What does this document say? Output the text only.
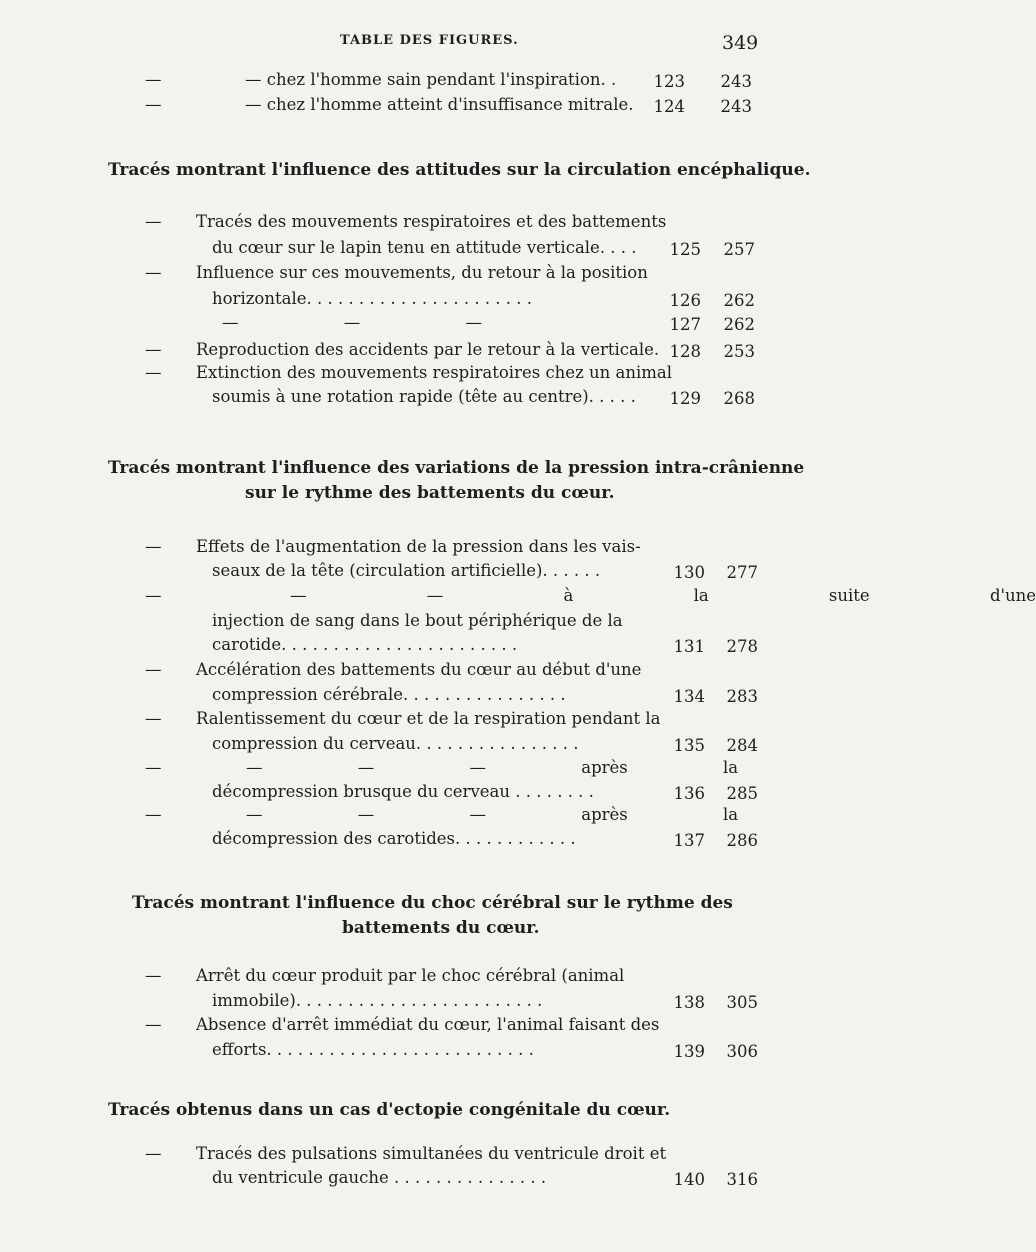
TABLE DES FIGURES.	349
—	— chez l'homme sain pendant l'inspiration. .	123	243
—	— chez l'homme atteint d'insuffisance mitrale.	124	243
Tracés montrant l'influence des attitudes sur la circulation encéphalique.
— Tracés des mouvements respiratoires et des battements
du cœur sur le lapin tenu en attitude verticale. . . .	125	257
— Influence sur ces mouvements, du retour à la position
horizontale. . . . . . . . . . . . . . . . . . . . . .	126	262
— — —	127	262
— Reproduction des accidents par le retour à la verticale. 128	253
— Extinction des mouvements respiratoires chez un animal
soumis à une rotation rapide (tête au centre). . . . .	129	268
Tracés montrant l'influence des variations de la pression intra-crânienne
sur le rythme des battements du cœur.
— Effets de l'augmentation de la pression dans les vais-
seaux de la tête (circulation artificielle). . . . . .	130	277
—	— — à la suite d'une
injection de sang dans le bout périphérique de la
carotide. . . . . . . . . . . . . . . . . . . . . . .	131	278
— Accélération des battements du cœur au début d'une
compression cérébrale. . . . . . . . . . . . . . . .	134	283
— Ralentissement du cœur et de la respiration pendant la
compression du cerveau. . . . . . . . . . . . . . . .	135	284
—	— — — après la
décompression brusque du cerveau . . . . . . . .	136	285
—	— — — après la
décompression des carotides. . . . . . . . . . . .	137	286
Tracés montrant l'influence du choc cérébral sur le rythme des
battements du cœur.
— Arrêt du cœur produit par le choc cérébral (animal
immobile). . . . . . . . . . . . . . . . . . . . . . . .	138	305
— Absence d'arrêt immédiat du cœur, l'animal faisant des
efforts. . . . . . . . . . . . . . . . . . . . . . . . . .	139	306
Tracés obtenus dans un cas d'ectopie congénitale du cœur.
— Tracés des pulsations simultanées du ventricule droit et
du ventricule gauche . . . . . . . . . . . . . . .	140	316
